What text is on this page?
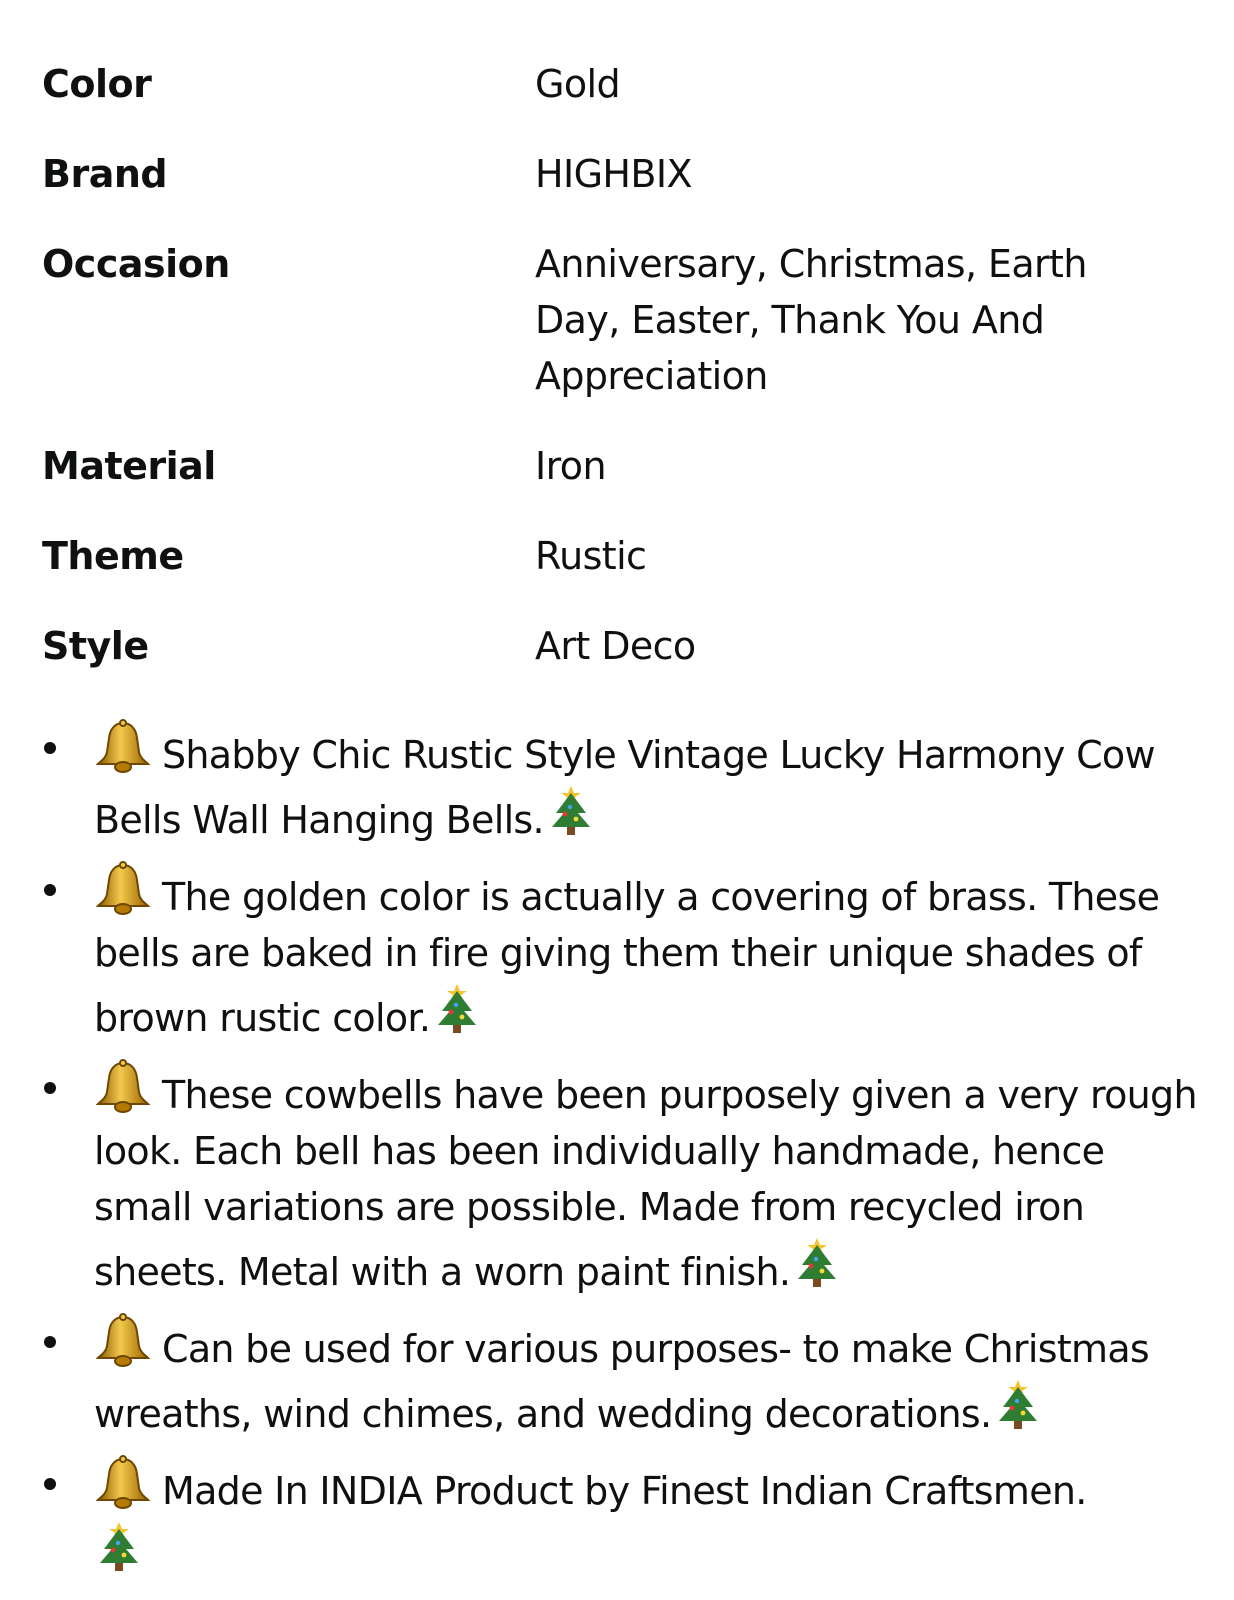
Color	Gold
Brand	HIGHBIX
Occasion	Anniversary, Christmas, Earth Day, Easter, Thank You And Appreciation
Material	Iron
Theme	Rustic
Style	Art Deco
Shabby Chic Rustic Style Vintage Lucky Harmony Cow Bells Wall Hanging Bells.
The golden color is actually a covering of brass. These bells are baked in fire giving them their unique shades of brown rustic color.
These cowbells have been purposely given a very rough look. Each bell has been individually handmade, hence small variations are possible. Made from recycled iron sheets. Metal with a worn paint finish.
Can be used for various purposes- to make Christmas wreaths, wind chimes, and wedding decorations.
Made In INDIA Product by Finest Indian Craftsmen.
